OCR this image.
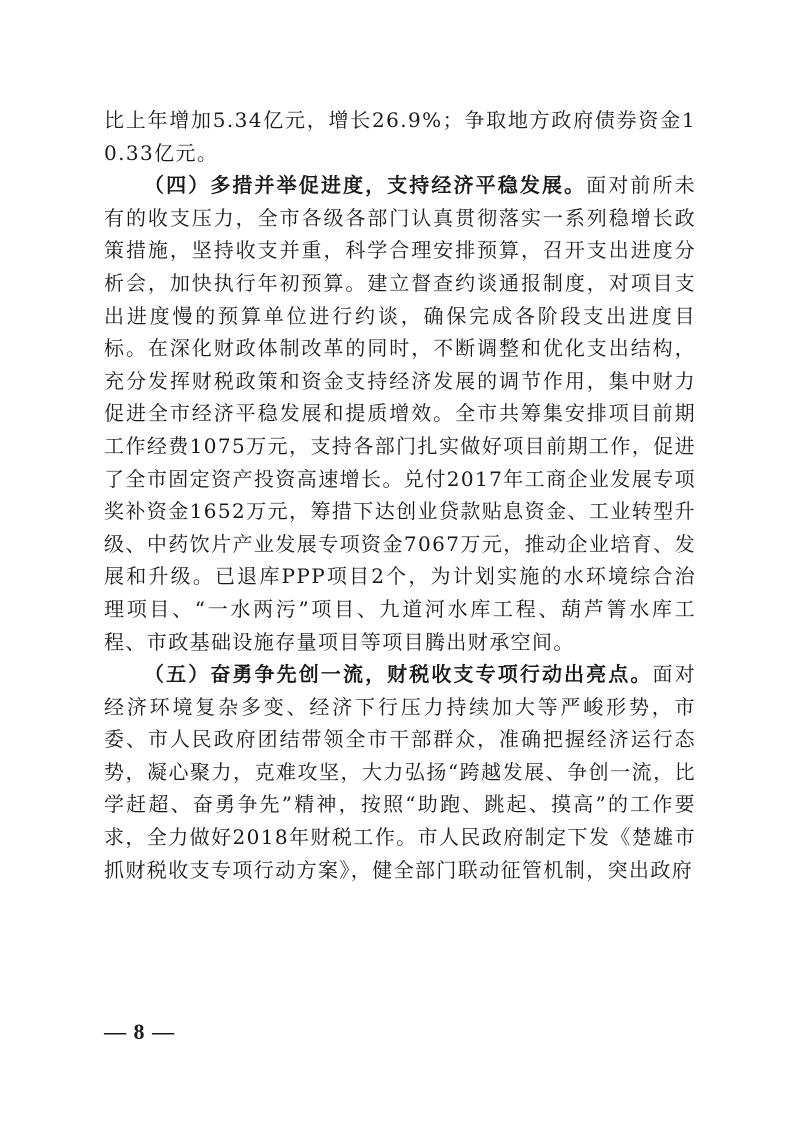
比上年增加5.34亿元，增长26.9%；争取地方政府债券资金10.33亿元。

（四）多措并举促进度，支持经济平稳发展。面对前所未有的收支压力，全市各级各部门认真贯彻落实一系列稳增长政策措施，坚持收支并重，科学合理安排预算，召开支出进度分析会，加快执行年初预算。建立督查约谈通报制度，对项目支出进度慢的预算单位进行约谈，确保完成各阶段支出进度目标。在深化财政体制改革的同时，不断调整和优化支出结构，充分发挥财税政策和资金支持经济发展的调节作用，集中财力促进全市经济平稳发展和提质增效。全市共筹集安排项目前期工作经费1075万元，支持各部门扎实做好项目前期工作，促进了全市固定资产投资高速增长。兑付2017年工商企业发展专项奖补资金1652万元，筹措下达创业贷款贴息资金、工业转型升级、中药饮片产业发展专项资金7067万元，推动企业培育、发展和升级。已退库PPP项目2个，为计划实施的水环境综合治理项目、“一水两污”项目、九道河水库工程、葫芦箐水库工程、市政基础设施存量项目等项目腾出财承空间。

（五）奋勇争先创一流，财税收支专项行动出亮点。面对经济环境复杂多变、经济下行压力持续加大等严峻形势，市委、市人民政府团结带领全市干部群众，准确把握经济运行态势，凝心聚力，克难攻坚，大力弘扬“跨越发展、争创一流，比学赶超、奋勇争先”精神，按照“助跑、跳起、摸高”的工作要求，全力做好2018年财税工作。市人民政府制定下发《楚雄市抓财税收支专项行动方案》，健全部门联动征管机制，突出政府

— 8 —
